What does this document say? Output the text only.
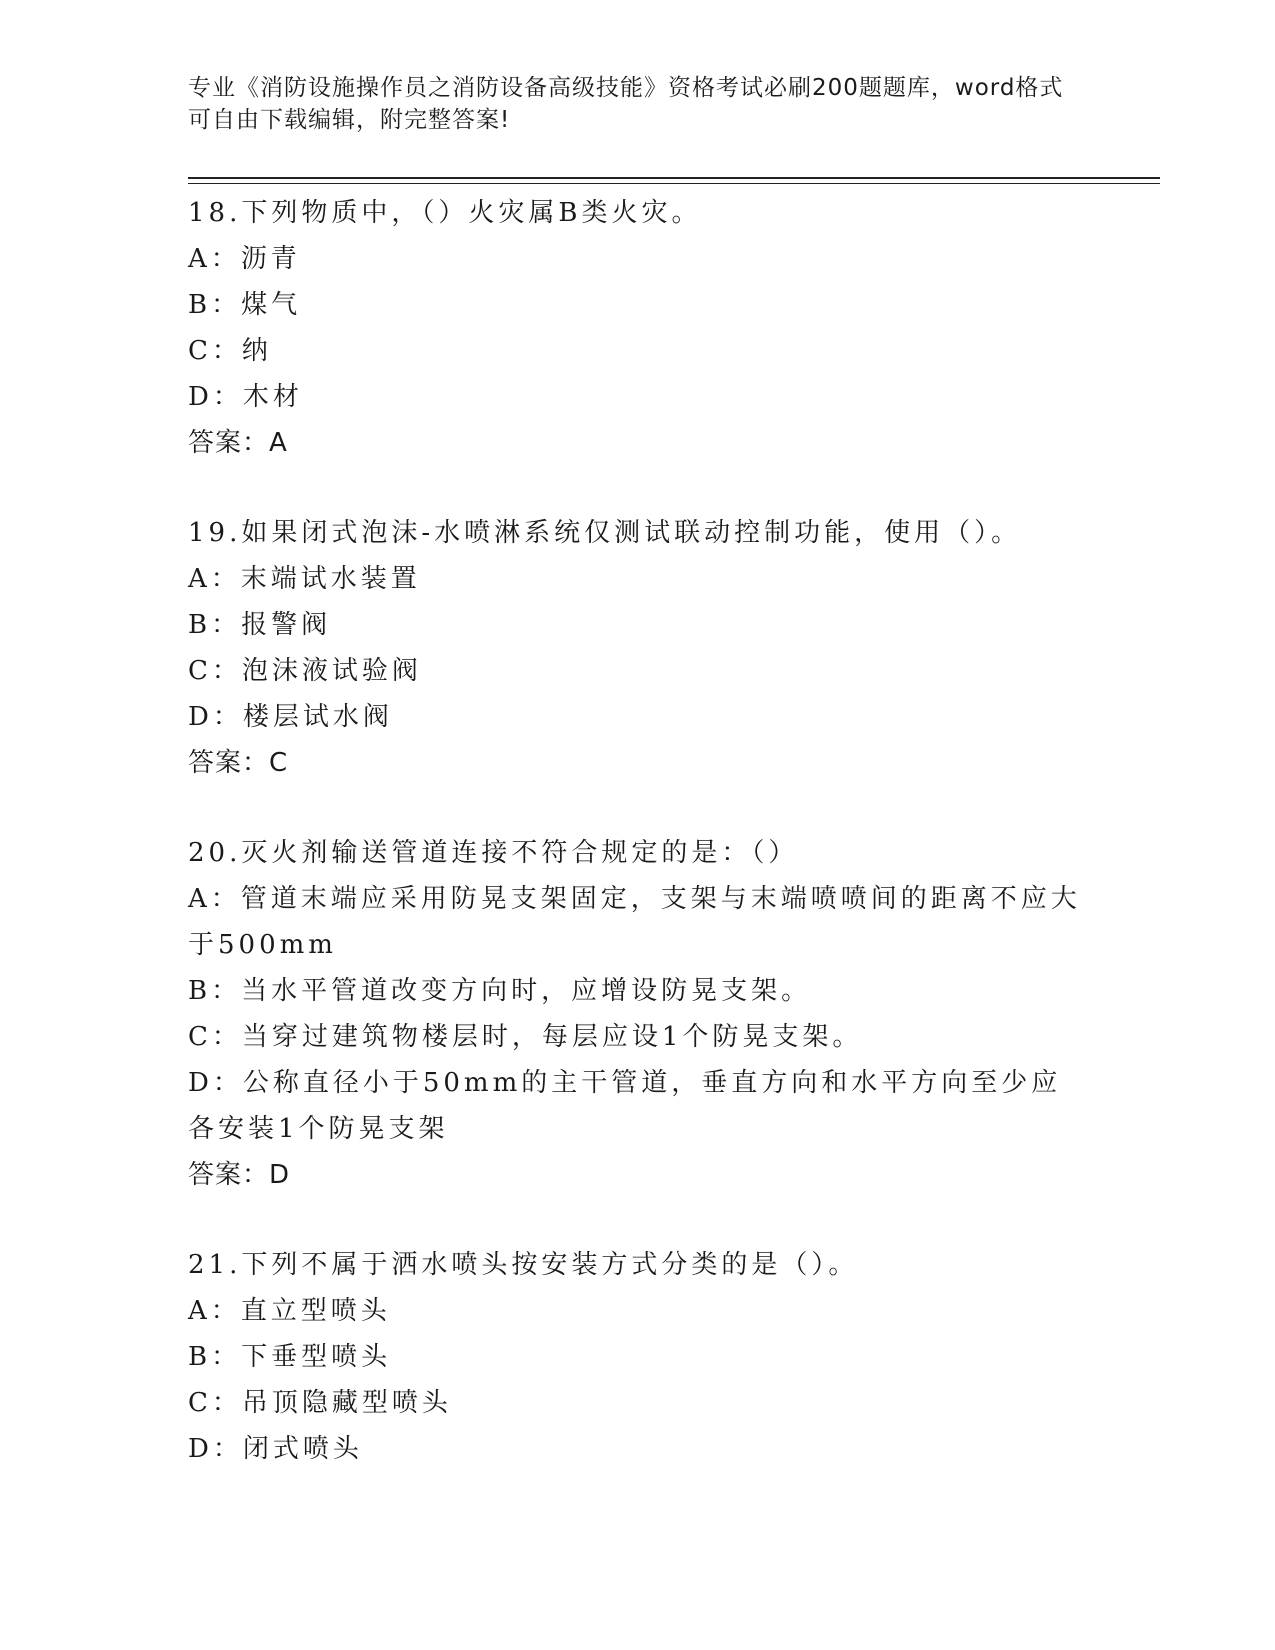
专业《消防设施操作员之消防设备高级技能》资格考试必刷200题题库，word格式可自由下载编辑，附完整答案!
18.下列物质中，（）火灾属B类火灾。
A：沥青
B：煤气
C：纳
D：木材
答案：A
19.如果闭式泡沫-水喷淋系统仅测试联动控制功能，使用（）。
A：末端试水装置
B：报警阀
C：泡沫液试验阀
D：楼层试水阀
答案：C
20.灭火剂输送管道连接不符合规定的是：（）
A：管道末端应采用防晃支架固定，支架与末端喷喷间的距离不应大于500mm
B：当水平管道改变方向时，应增设防晃支架。
C：当穿过建筑物楼层时，每层应设1个防晃支架。
D：公称直径小于50mm的主干管道，垂直方向和水平方向至少应各安装1个防晃支架
答案：D
21.下列不属于洒水喷头按安装方式分类的是（）。
A：直立型喷头
B：下垂型喷头
C：吊顶隐藏型喷头
D：闭式喷头
